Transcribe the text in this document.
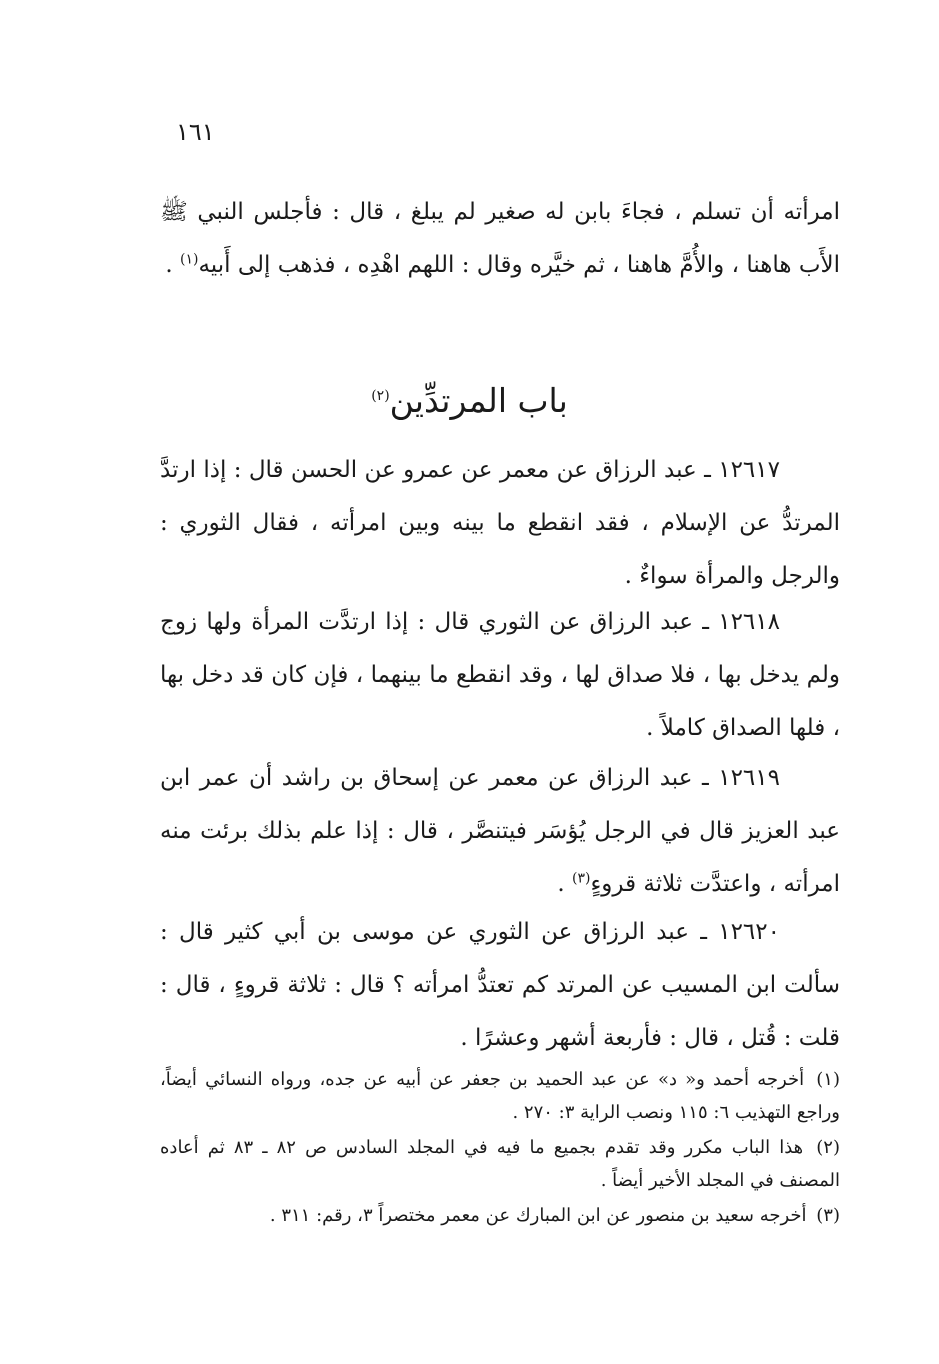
١٦١

امرأته أن تسلم ، فجاءَ بابن له صغير لم يبلغ ، قال : فأجلس النبي ﷺ الأَب هاهنا ، والأُمَّ هاهنا ، ثم خيَّره وقال : اللهم اهْدِه ، فذهب إلى أَبيه$^{(١)}$ .

باب المرتدِّين$^{(٢)}$

١٢٦١٧ ـ عبد الرزاق عن معمر عن عمرو عن الحسن قال : إذا ارتدَّ المرتدُّ عن الإسلام ، فقد انقطع ما بينه وبين امرأته ، فقال الثوري : والرجل والمرأة سواءٌ .

١٢٦١٨ ـ عبد الرزاق عن الثوري قال : إذا ارتدَّت المرأة ولها زوج ولم يدخل بها ، فلا صداق لها ، وقد انقطع ما بينهما ، فإن كان قد دخل بها ، فلها الصداق كاملاً .

١٢٦١٩ ـ عبد الرزاق عن معمر عن إسحاق بن راشد أن عمر ابن عبد العزيز قال في الرجل يُؤسَر فيتنصَّر ، قال : إذا علم بذلك برئت منه امرأته ، واعتدَّت ثلاثة قروءٍ$^{(٣)}$ .

١٢٦٢٠ ـ عبد الرزاق عن الثوري عن موسى بن أبي كثير قال : سألت ابن المسيب عن المرتد كم تعتدُّ امرأته ؟ قال : ثلاثة قروءٍ ، قال : قلت : قُتل ، قال : فأربعة أشهر وعشرًا .

(١) أخرجه أحمد و« د» عن عبد الحميد بن جعفر عن أبيه عن جده، ورواه النسائي أيضاً، وراجع التهذيب ٦: ١١٥ ونصب الراية ٣: ٢٧٠ .

(٢) هذا الباب مكرر وقد تقدم بجميع ما فيه في المجلد السادس ص ٨٢ ـ ٨٣ ثم أعاده المصنف في المجلد الأخير أيضاً .

(٣) أخرجه سعيد بن منصور عن ابن المبارك عن معمر مختصراً ٣، رقم: ٣١١ .
